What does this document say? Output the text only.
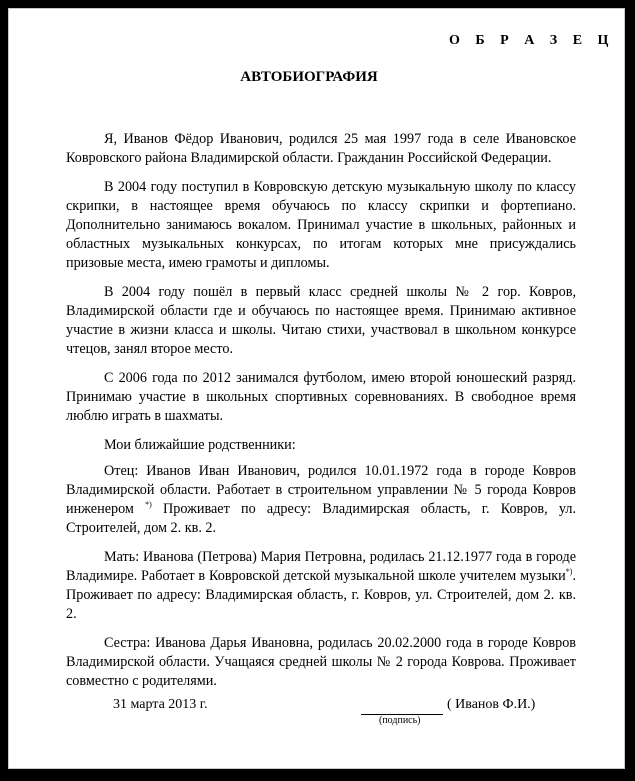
О Б Р А З Е Ц
АВТОБИОГРАФИЯ

Я, Иванов Фёдор Иванович, родился 25 мая 1997 года в селе Ивановское Ковровского района Владимирской области. Гражданин Российской Федерации.

В 2004 году поступил в Ковровскую детскую музыкальную школу по классу скрипки, в настоящее время обучаюсь по классу скрипки и фортепиано. Дополнительно занимаюсь вокалом. Принимал участие в школьных, районных и областных музыкальных конкурсах, по итогам которых мне присуждались призовые места, имею грамоты и дипломы.

В 2004 году пошёл в первый класс средней школы № 2 гор. Ковров, Владимирской области где и обучаюсь по настоящее время. Принимаю активное участие в жизни класса и школы. Читаю стихи, участвовал в школьном конкурсе чтецов, занял второе место.

С 2006 года по 2012 занимался футболом, имею второй юношеский разряд. Принимаю участие в школьных спортивных соревнованиях. В свободное время люблю играть в шахматы.

Мои ближайшие родственники:

Отец: Иванов Иван Иванович, родился 10.01.1972 года в городе Ковров Владимирской области. Работает в строительном управлении № 5 города Ковров инженером *) Проживает по адресу: Владимирская область, г. Ковров, ул. Строителей, дом 2. кв. 2.

Мать: Иванова (Петрова) Мария Петровна, родилась 21.12.1977 года в городе Владимире. Работает в Ковровской детской музыкальной школе учителем музыки*). Проживает по адресу: Владимирская область, г. Ковров, ул. Строителей, дом 2. кв. 2.

Сестра: Иванова Дарья Ивановна, родилась 20.02.2000 года в городе Ковров Владимирской области. Учащаяся средней школы № 2 города Коврова. Проживает совместно с родителями.

31 марта 2013 г.	( Иванов Ф.И.)
(подпись)
